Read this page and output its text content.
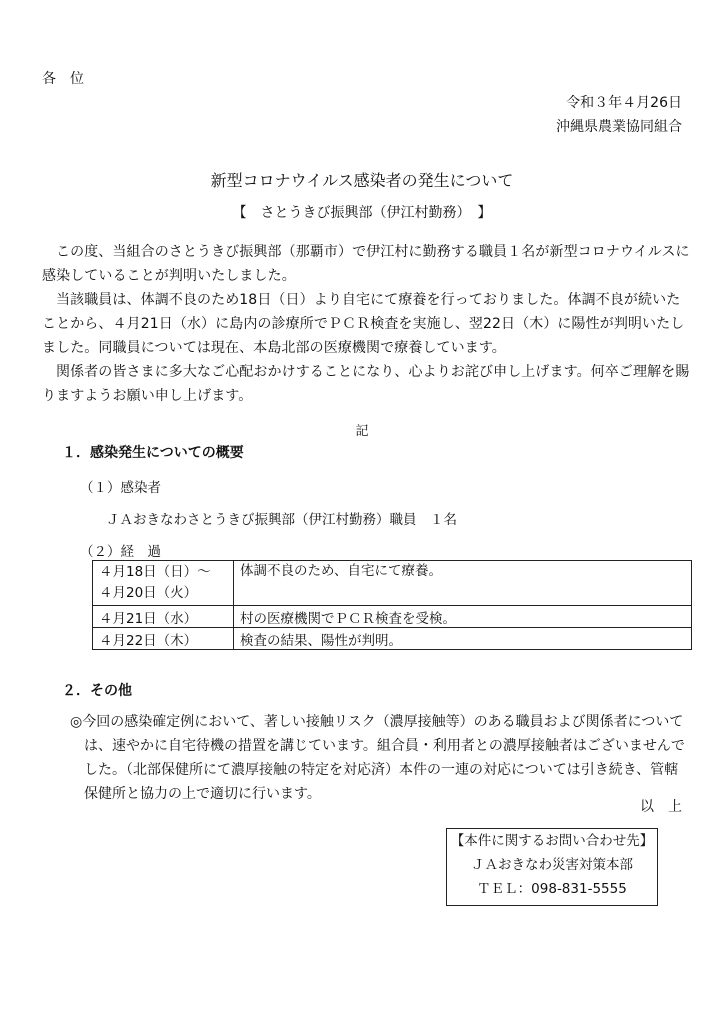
各　位
令和３年４月26日
沖縄県農業協同組合
新型コロナウイルス感染者の発生について
【　さとうきび振興部（伊江村勤務）　】
この度、当組合のさとうきび振興部（那覇市）で伊江村に勤務する職員１名が新型コロナウイルスに感染していることが判明いたしました。
当該職員は、体調不良のため18日（日）より自宅にて療養を行っておりました。体調不良が続いたことから、４月21日（水）に島内の診療所でＰＣＲ検査を実施し、翌22日（木）に陽性が判明いたしました。同職員については現在、本島北部の医療機関で療養しています。
関係者の皆さまに多大なご心配おかけすることになり、心よりお詫び申し上げます。何卒ご理解を賜りますようお願い申し上げます。
記
１．感染発生についての概要
（１）感染者
ＪＡおきなわさとうきび振興部（伊江村勤務）職員　１名
（２）経　過
４月18日（日）～
４月20日（火）	体調不良のため、自宅にて療養。
４月21日（水）	村の医療機関でＰＣＲ検査を受検。
４月22日（木）	検査の結果、陽性が判明。
２．その他
◎今回の感染確定例において、著しい接触リスク（濃厚接触等）のある職員および関係者については、速やかに自宅待機の措置を講じています。組合員・利用者との濃厚接触者はございませんでした。（北部保健所にて濃厚接触の特定を対応済）本件の一連の対応については引き続き、管轄保健所と協力の上で適切に行います。
以　上
【本件に関するお問い合わせ先】
ＪＡおきなわ災害対策本部
ＴＥＬ：098-831-5555
